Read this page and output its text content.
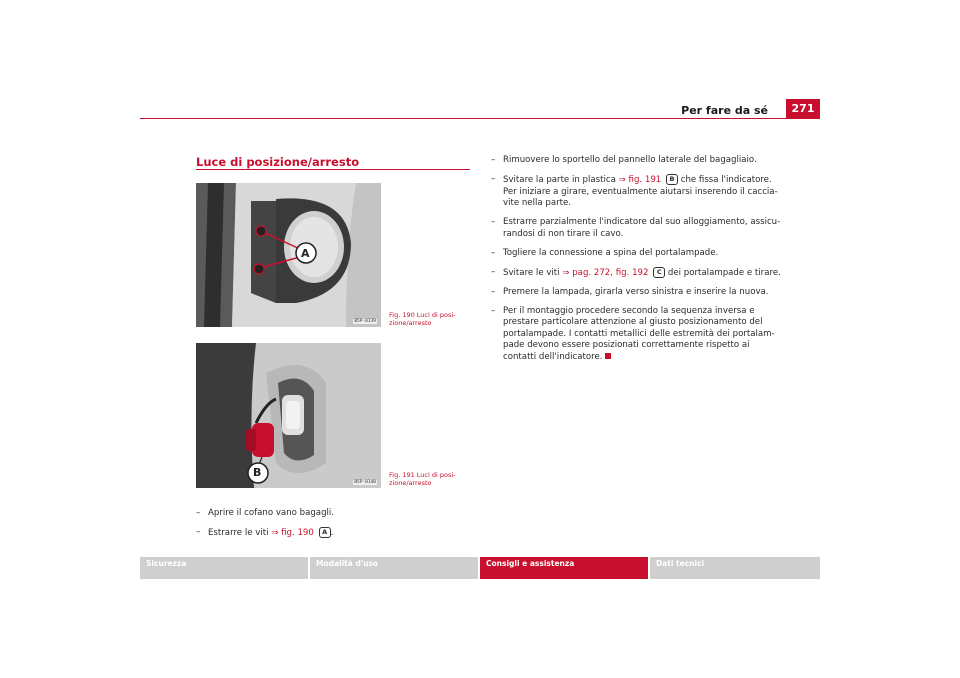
Per fare da sé	271
Luce di posizione/arresto
A
B5P-0139
Fig. 190 Luci di posi-
zione/arresto
B
B5P-0140
Fig. 191 Luci di posi-
zione/arresto
– Aprire il cofano vano bagagli.
– Estrarre le viti ⇒ fig. 190 A .
– Rimuovere lo sportello del pannello laterale del bagagliaio.
– Svitare la parte in plastica ⇒ fig. 191 B che fissa l'indicatore. Per iniziare a girare, eventualmente aiutarsi inserendo il caccia-vite nella parte.
– Estrarre parzialmente l'indicatore dal suo alloggiamento, assicu-randosi di non tirare il cavo.
– Togliere la connessione a spina del portalampade.
– Svitare le viti ⇒ pag. 272, fig. 192 C dei portalampade e tirare.
– Premere la lampada, girarla verso sinistra e inserire la nuova.
– Per il montaggio procedere secondo la sequenza inversa e prestare particolare attenzione al giusto posizionamento del portalampade. I contatti metallici delle estremità dei portalam-pade devono essere posizionati correttamente rispetto ai contatti dell'indicatore.
Sicurezza	Modalità d'uso	Consigli e assistenza	Dati tecnici
